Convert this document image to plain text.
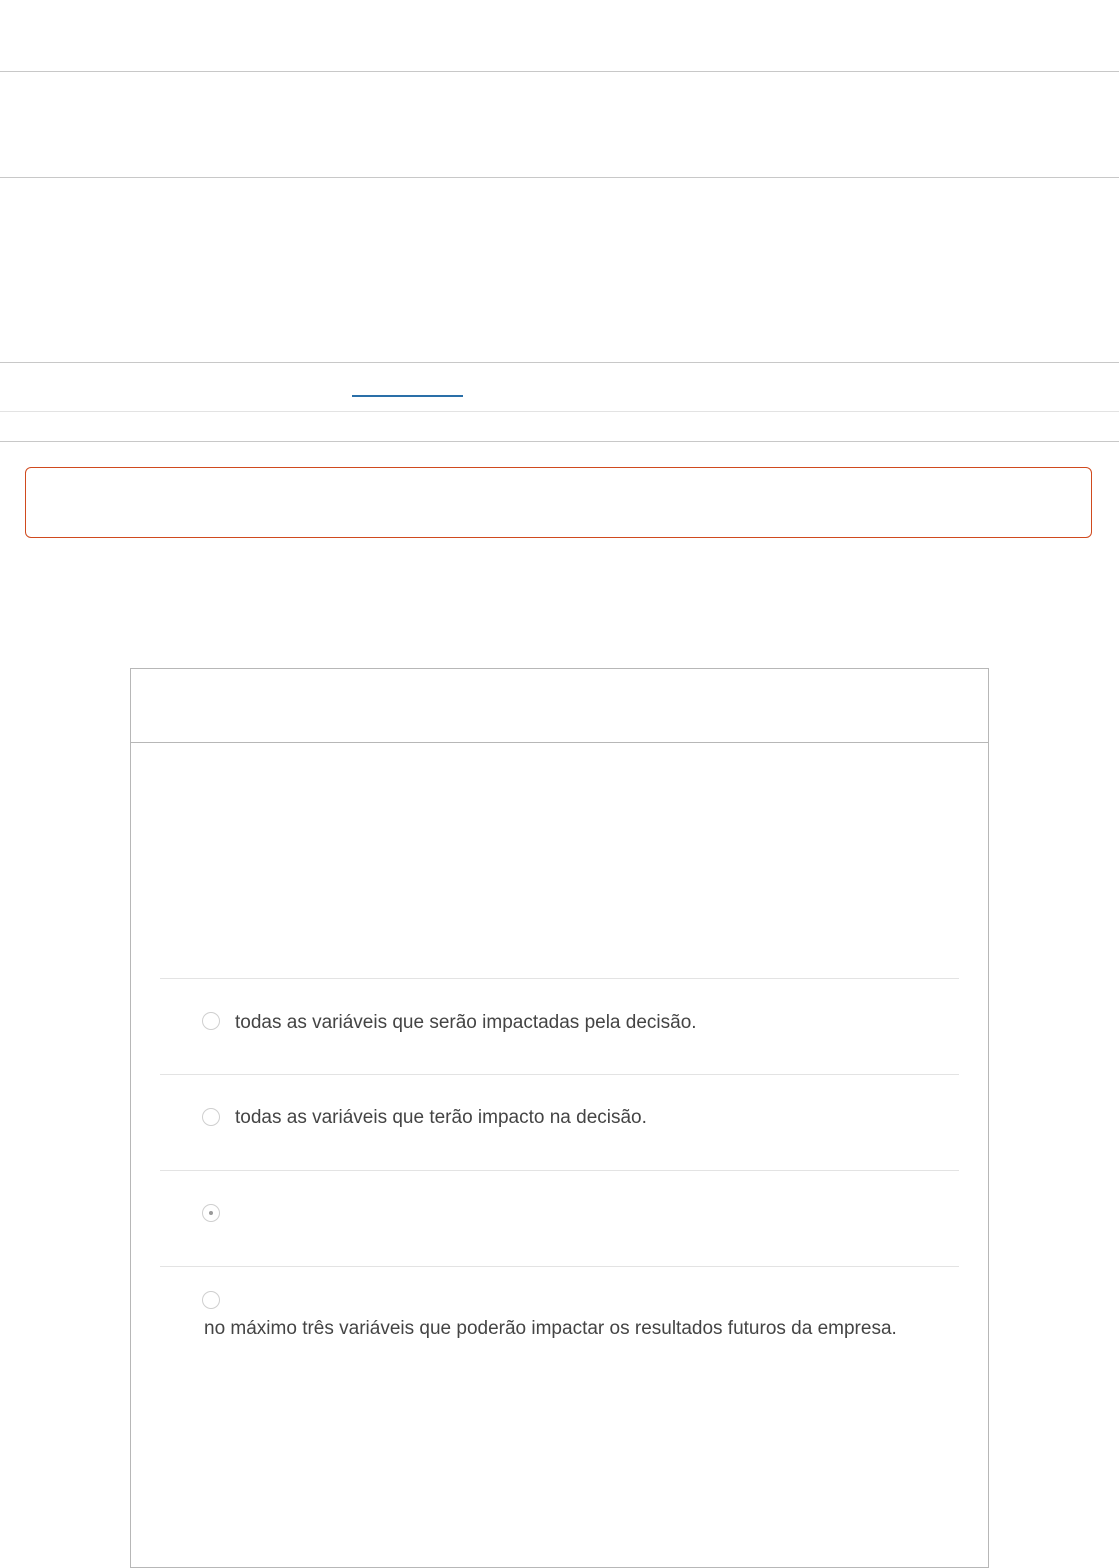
todas as variáveis que serão impactadas pela decisão.
todas as variáveis que terão impacto na decisão.
no máximo três variáveis que poderão impactar os resultados futuros da empresa.
